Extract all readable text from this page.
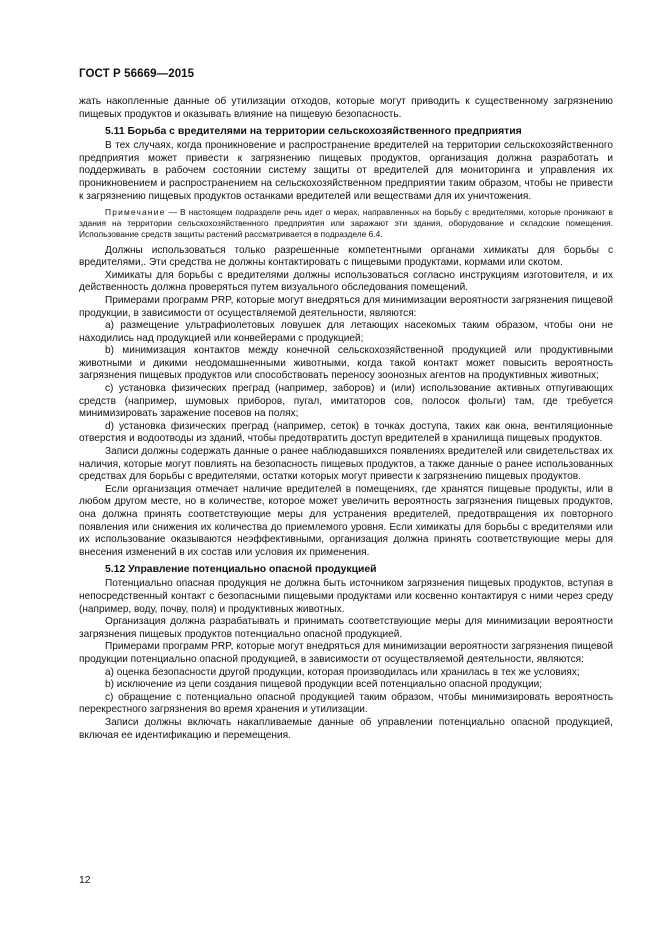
ГОСТ Р 56669—2015

жать накопленные данные об утилизации отходов, которые могут приводить к существенному загрязнению пищевых продуктов и оказывать влияние на пищевую безопасность.

5.11 Борьба с вредителями на территории сельскохозяйственного предприятия

В тех случаях, когда проникновение и распространение вредителей на территории сельскохозяйственного предприятия может привести к загрязнению пищевых продуктов, организация должна разработать и поддерживать в рабочем состоянии систему защиты от вредителей для мониторинга и управления их проникновением и распространением на сельскохозяйственном предприятии таким образом, чтобы не привести к загрязнению пищевых продуктов останками вредителей или веществами для их уничтожения.

Примечание — В настоящем подразделе речь идет о мерах, направленных на борьбу с вредителями, которые проникают в здания на территории сельскохозяйственного предприятия или заражают эти здания, оборудование и складские помещения. Использование средств защиты растений рассматривается в подразделе 6.4.

Должны использоваться только разрешенные компетентными органами химикаты для борьбы с вредителями,. Эти средства не должны контактировать с пищевыми продуктами, кормами или скотом.

Химикаты для борьбы с вредителями должны использоваться согласно инструкциям изготовителя, и их действенность должна проверяться путем визуального обследования помещений.

Примерами программ PRP, которые могут внедряться для минимизации вероятности загрязнения пищевой продукции, в зависимости от осуществляемой деятельности, являются:

a) размещение ультрафиолетовых ловушек для летающих насекомых таким образом, чтобы они не находились над продукцией или конвейерами с продукцией;

b) минимизация контактов между конечной сельскохозяйственной продукцией или продуктивными животными и дикими неодомашненными животными, когда такой контакт может повысить вероятность загрязнения пищевых продуктов или способствовать переносу зоонозных агентов на продуктивных животных;

c) установка физических преград (например, заборов) и (или) использование активных отпугивающих средств (например, шумовых приборов, пугал, имитаторов сов, полосок фольги) там, где требуется минимизировать заражение посевов на полях;

d) установка физических преград (например, сеток) в точках доступа, таких как окна, вентиляционные отверстия и водоотводы из зданий, чтобы предотвратить доступ вредителей в хранилища пищевых продуктов.

Записи должны содержать данные о ранее наблюдавшихся появлениях вредителей или свидетельствах их наличия, которые могут повлиять на безопасность пищевых продуктов, а также данные о ранее использованных средствах для борьбы с вредителями, остатки которых могут привести к загрязнению пищевых продуктов.

Если организация отмечает наличие вредителей в помещениях, где хранятся пищевые продукты, или в любом другом месте, но в количестве, которое может увеличить вероятность загрязнения пищевых продуктов, она должна принять соответствующие меры для устранения вредителей, предотвращения их повторного появления или снижения их количества до приемлемого уровня. Если химикаты для борьбы с вредителями или их использование оказываются неэффективными, организация должна принять соответствующие меры для внесения изменений в их состав или условия их применения.

5.12 Управление потенциально опасной продукцией

Потенциально опасная продукция не должна быть источником загрязнения пищевых продуктов, вступая в непосредственный контакт с безопасными пищевыми продуктами или косвенно контактируя с ними через среду (например, воду, почву, поля) и продуктивных животных.

Организация должна разрабатывать и принимать соответствующие меры для минимизации вероятности загрязнения пищевых продуктов потенциально опасной продукцией.

Примерами программ PRP, которые могут внедряться для минимизации вероятности загрязнения пищевой продукции потенциально опасной продукцией, в зависимости от осуществляемой деятельности, являются:

a) оценка безопасности другой продукции, которая производилась или хранилась в тех же условиях;

b) исключение из цепи создания пищевой продукции всей потенциально опасной продукции;

c) обращение с потенциально опасной продукцией таким образом, чтобы минимизировать вероятность перекрестного загрязнения во время хранения и утилизации.

Записи должны включать накапливаемые данные об управлении потенциально опасной продукцией, включая ее идентификацию и перемещения.

12
